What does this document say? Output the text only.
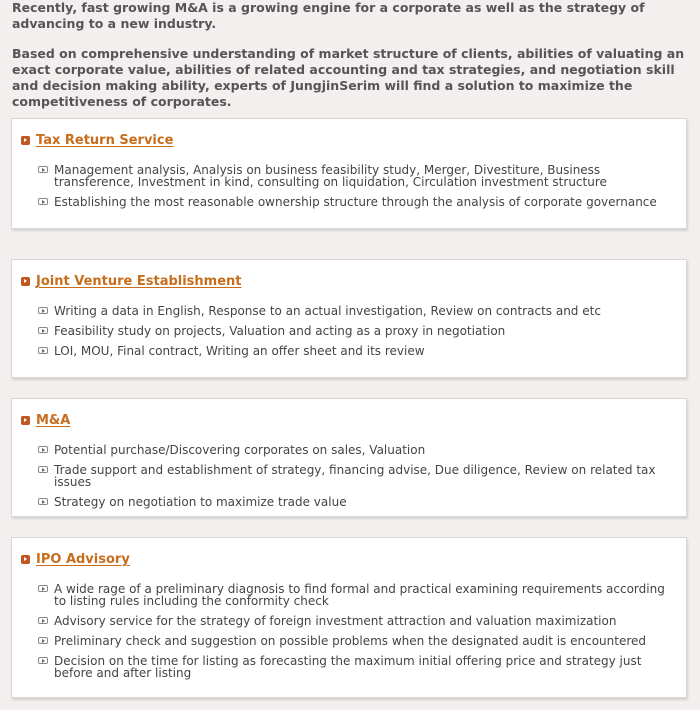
Recently, fast growing M&A is a growing engine for a corporate as well as the strategy of advancing to a new industry.

Based on comprehensive understanding of market structure of clients, abilities of valuating an exact corporate value, abilities of related accounting and tax strategies, and negotiation skill and decision making ability, experts of JungjinSerim will find a solution to maximize the competitiveness of corporates.

Tax Return Service
Management analysis, Analysis on business feasibility study, Merger, Divestiture, Business transference, Investment in kind, consulting on liquidation, Circulation investment structure
Establishing the most reasonable ownership structure through the analysis of corporate governance
Joint Venture Establishment
Writing a data in English, Response to an actual investigation, Review on contracts and etc
Feasibility study on projects, Valuation and acting as a proxy in negotiation
LOI, MOU, Final contract, Writing an offer sheet and its review
M&A
Potential purchase/Discovering corporates on sales, Valuation
Trade support and establishment of strategy, financing advise, Due diligence, Review on related tax issues
Strategy on negotiation to maximize trade value
IPO Advisory
A wide rage of a preliminary diagnosis to find formal and practical examining requirements according to listing rules including the conformity check
Advisory service for the strategy of foreign investment attraction and valuation maximization
Preliminary check and suggestion on possible problems when the designated audit is encountered
Decision on the time for listing as forecasting the maximum initial offering price and strategy just before and after listing
